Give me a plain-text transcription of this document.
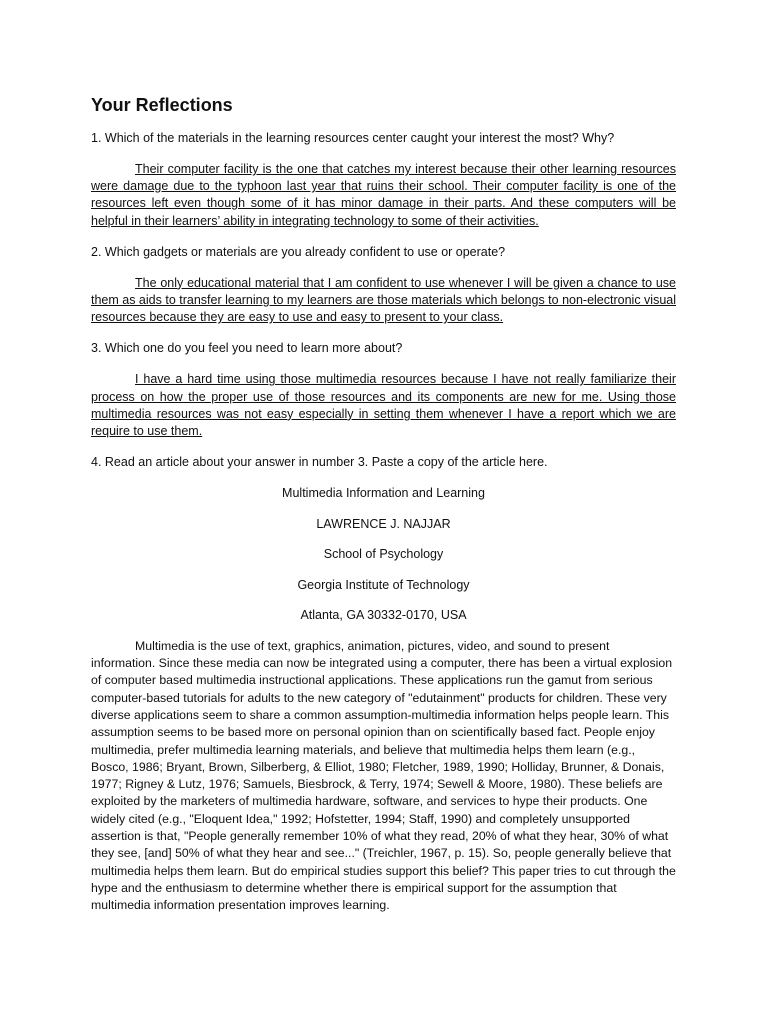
Your Reflections

1. Which of the materials in the learning resources center caught your interest the most? Why?

Their computer facility is the one that catches my interest because their other learning resources were damage due to the typhoon last year that ruins their school. Their computer facility is one of the resources left even though some of it has minor damage in their parts. And these computers will be helpful in their learners’ ability in integrating technology to some of their activities.

2. Which gadgets or materials are you already confident to use or operate?

The only educational material that I am confident to use whenever I will be given a chance to use them as aids to transfer learning to my learners are those materials which belongs to non-electronic visual resources because they are easy to use and easy to present to your class.

3. Which one do you feel you need to learn more about?

I have a hard time using those multimedia resources because I have not really familiarize their process on how the proper use of those resources and its components are new for me. Using those multimedia resources was not easy especially in setting them whenever I have a report which we are require to use them.

4. Read an article about your answer in number 3. Paste a copy of the article here.

Multimedia Information and Learning

LAWRENCE J. NAJJAR

School of Psychology

Georgia Institute of Technology

Atlanta, GA 30332-0170, USA

Multimedia is the use of text, graphics, animation, pictures, video, and sound to present information. Since these media can now be integrated using a computer, there has been a virtual explosion of computer based multimedia instructional applications. These applications run the gamut from serious computer-based tutorials for adults to the new category of "edutainment" products for children. These very diverse applications seem to share a common assumption-multimedia information helps people learn. This assumption seems to be based more on personal opinion than on scientifically based fact. People enjoy multimedia, prefer multimedia learning materials, and believe that multimedia helps them learn (e.g., Bosco, 1986; Bryant, Brown, Silberberg, & Elliot, 1980; Fletcher, 1989, 1990; Holliday, Brunner, & Donais, 1977; Rigney & Lutz, 1976; Samuels, Biesbrock, & Terry, 1974; Sewell & Moore, 1980). These beliefs are exploited by the marketers of multimedia hardware, software, and services to hype their products. One widely cited (e.g., "Eloquent Idea," 1992; Hofstetter, 1994; Staff, 1990) and completely unsupported assertion is that, "People generally remember 10% of what they read, 20% of what they hear, 30% of what they see, [and] 50% of what they hear and see..." (Treichler, 1967, p. 15). So, people generally believe that multimedia helps them learn. But do empirical studies support this belief? This paper tries to cut through the hype and the enthusiasm to determine whether there is empirical support for the assumption that multimedia information presentation improves learning.
